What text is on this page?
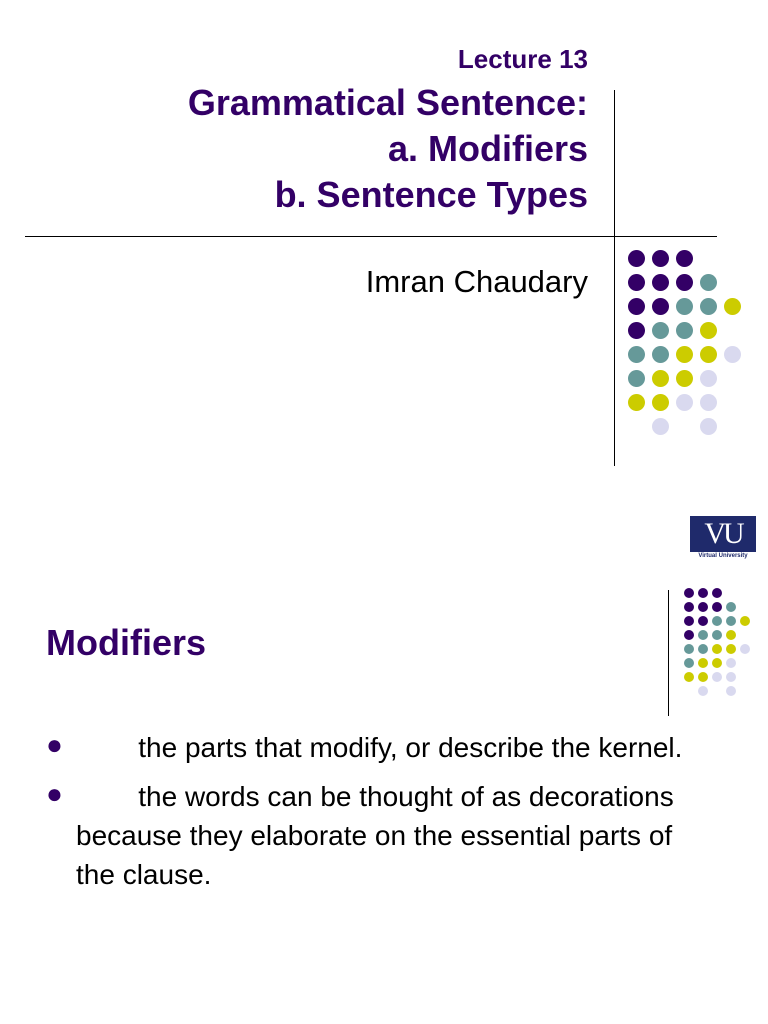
Lecture 13
Grammatical Sentence:
a. Modifiers
b. Sentence Types
Imran Chaudary
VU
Virtual University
Modifiers
● the parts that modify, or describe the kernel.
● the words can be thought of as decorations because they elaborate on the essential parts of the clause.
